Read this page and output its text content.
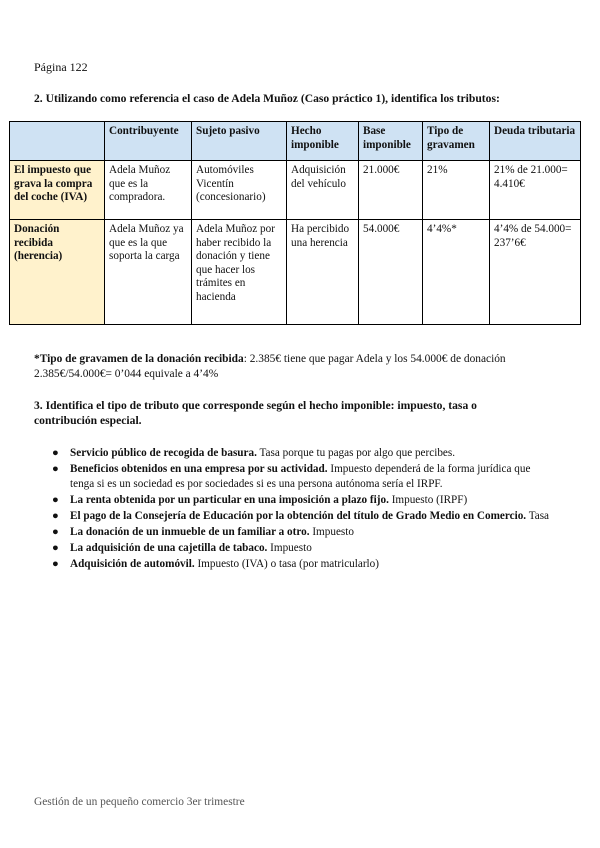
Página 122
2. Utilizando como referencia el caso de Adela Muñoz (Caso práctico 1), identifica los tributos:
	Contribuyente	Sujeto pasivo	Hecho imponible	Base imponible	Tipo de gravamen	Deuda tributaria
El impuesto que grava la compra del coche (IVA)	Adela Muñoz que es la compradora.	Automóviles Vicentín (concesionario)	Adquisición del vehículo	21.000€	21%	21% de 21.000= 4.410€
Donación recibida (herencia)	Adela Muñoz ya que es la que soporta la carga	Adela Muñoz por haber recibido la donación y tiene que hacer los trámites en hacienda	Ha percibido una herencia	54.000€	4’4%*	4’4% de 54.000= 237’6€
*Tipo de gravamen de la donación recibida: 2.385€ tiene que pagar Adela y los 54.000€ de donación 2.385€/54.000€= 0’044 equivale a 4’4%
3. Identifica el tipo de tributo que corresponde según el hecho imponible: impuesto, tasa o contribución especial.
● Servicio público de recogida de basura. Tasa porque tu pagas por algo que percibes.
● Beneficios obtenidos en una empresa por su actividad. Impuesto dependerá de la forma jurídica que tenga si es un sociedad es por sociedades si es una persona autónoma sería el IRPF.
● La renta obtenida por un particular en una imposición a plazo fijo. Impuesto (IRPF)
● El pago de la Consejería de Educación por la obtención del título de Grado Medio en Comercio. Tasa
● La donación de un inmueble de un familiar a otro. Impuesto
● La adquisición de una cajetilla de tabaco. Impuesto
● Adquisición de automóvil. Impuesto (IVA) o tasa (por matricularlo)
Gestión de un pequeño comercio 3er trimestre
